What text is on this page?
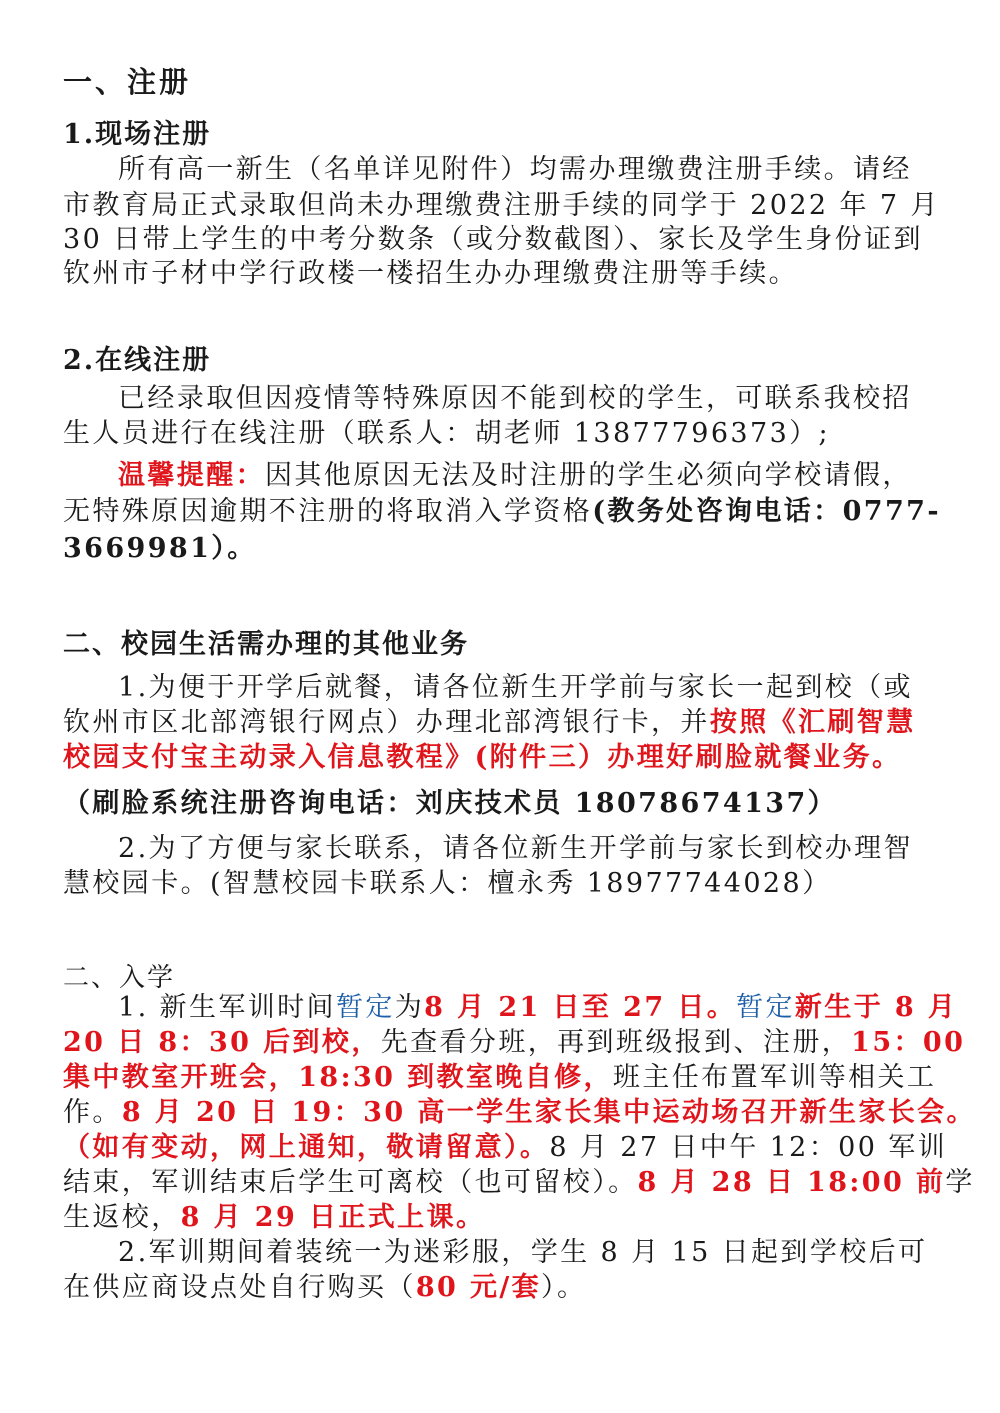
一、注册
1.现场注册
所有高一新生（名单详见附件）均需办理缴费注册手续。请经
市教育局正式录取但尚未办理缴费注册手续的同学于 2022 年 7 月
30 日带上学生的中考分数条（或分数截图）、家长及学生身份证到
钦州市子材中学行政楼一楼招生办办理缴费注册等手续。
2.在线注册
已经录取但因疫情等特殊原因不能到校的学生，可联系我校招
生人员进行在线注册（联系人：胡老师 13877796373）;
温馨提醒：因其他原因无法及时注册的学生必须向学校请假，
无特殊原因逾期不注册的将取消入学资格(教务处咨询电话：0777-
3669981）。
二、校园生活需办理的其他业务
1.为便于开学后就餐，请各位新生开学前与家长一起到校（或
钦州市区北部湾银行网点）办理北部湾银行卡，并按照《汇刷智慧
校园支付宝主动录入信息教程》(附件三）办理好刷脸就餐业务。
（刷脸系统注册咨询电话：刘庆技术员 18078674137）
2.为了方便与家长联系，请各位新生开学前与家长到校办理智
慧校园卡。(智慧校园卡联系人：檀永秀 18977744028）
二、入学
1. 新生军训时间暂定为8 月 21 日至 27 日。暂定新生于 8 月
20 日 8：30 后到校，先查看分班，再到班级报到、注册，15：00
集中教室开班会，18:30 到教室晚自修，班主任布置军训等相关工
作。8 月 20 日 19：30 高一学生家长集中运动场召开新生家长会。
（如有变动，网上通知，敬请留意）。8 月 27 日中午 12：00 军训
结束，军训结束后学生可离校（也可留校）。8 月 28 日 18:00 前学
生返校，8 月 29 日正式上课。
2.军训期间着装统一为迷彩服，学生 8 月 15 日起到学校后可
在供应商设点处自行购买（80 元/套）。
